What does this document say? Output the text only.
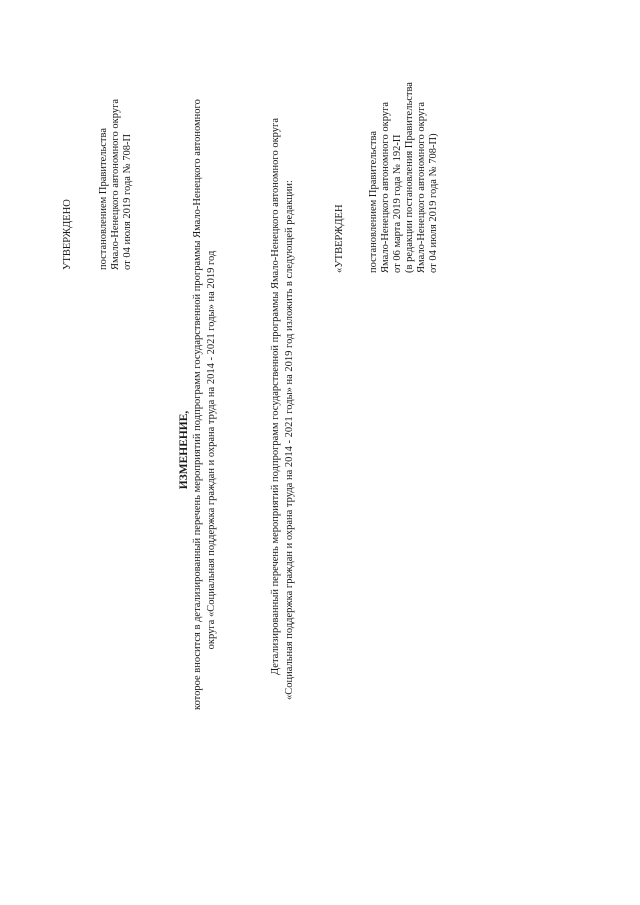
УТВЕРЖДЕНО постановлением Правительства Ямало-Ненецкого автономного округа от 04 июля 2019 года № 708-П
ИЗМЕНЕНИЕ, которое вносится в детализированный перечень мероприятий подпрограмм государственной программы Ямало-Ненецкого автономного округа «Социальная поддержка граждан и охрана труда на 2014 - 2021 годы» на 2019 год	Детализированный перечень мероприятий подпрограмм государственной программы Ямало-Ненецкого автономного округа «Социальная поддержка граждан и охрана труда на 2014 - 2021 годы» на 2019 год изложить в следующей редакции:	«УТВЕРЖДЕН постановлением Правительства Ямало-Ненецкого автономного округа от 06 марта 2019 года № 192-П (в редакции постановления Правительства Ямало-Ненецкого автономного округа от 04 июля 2019 года № 708-П)
